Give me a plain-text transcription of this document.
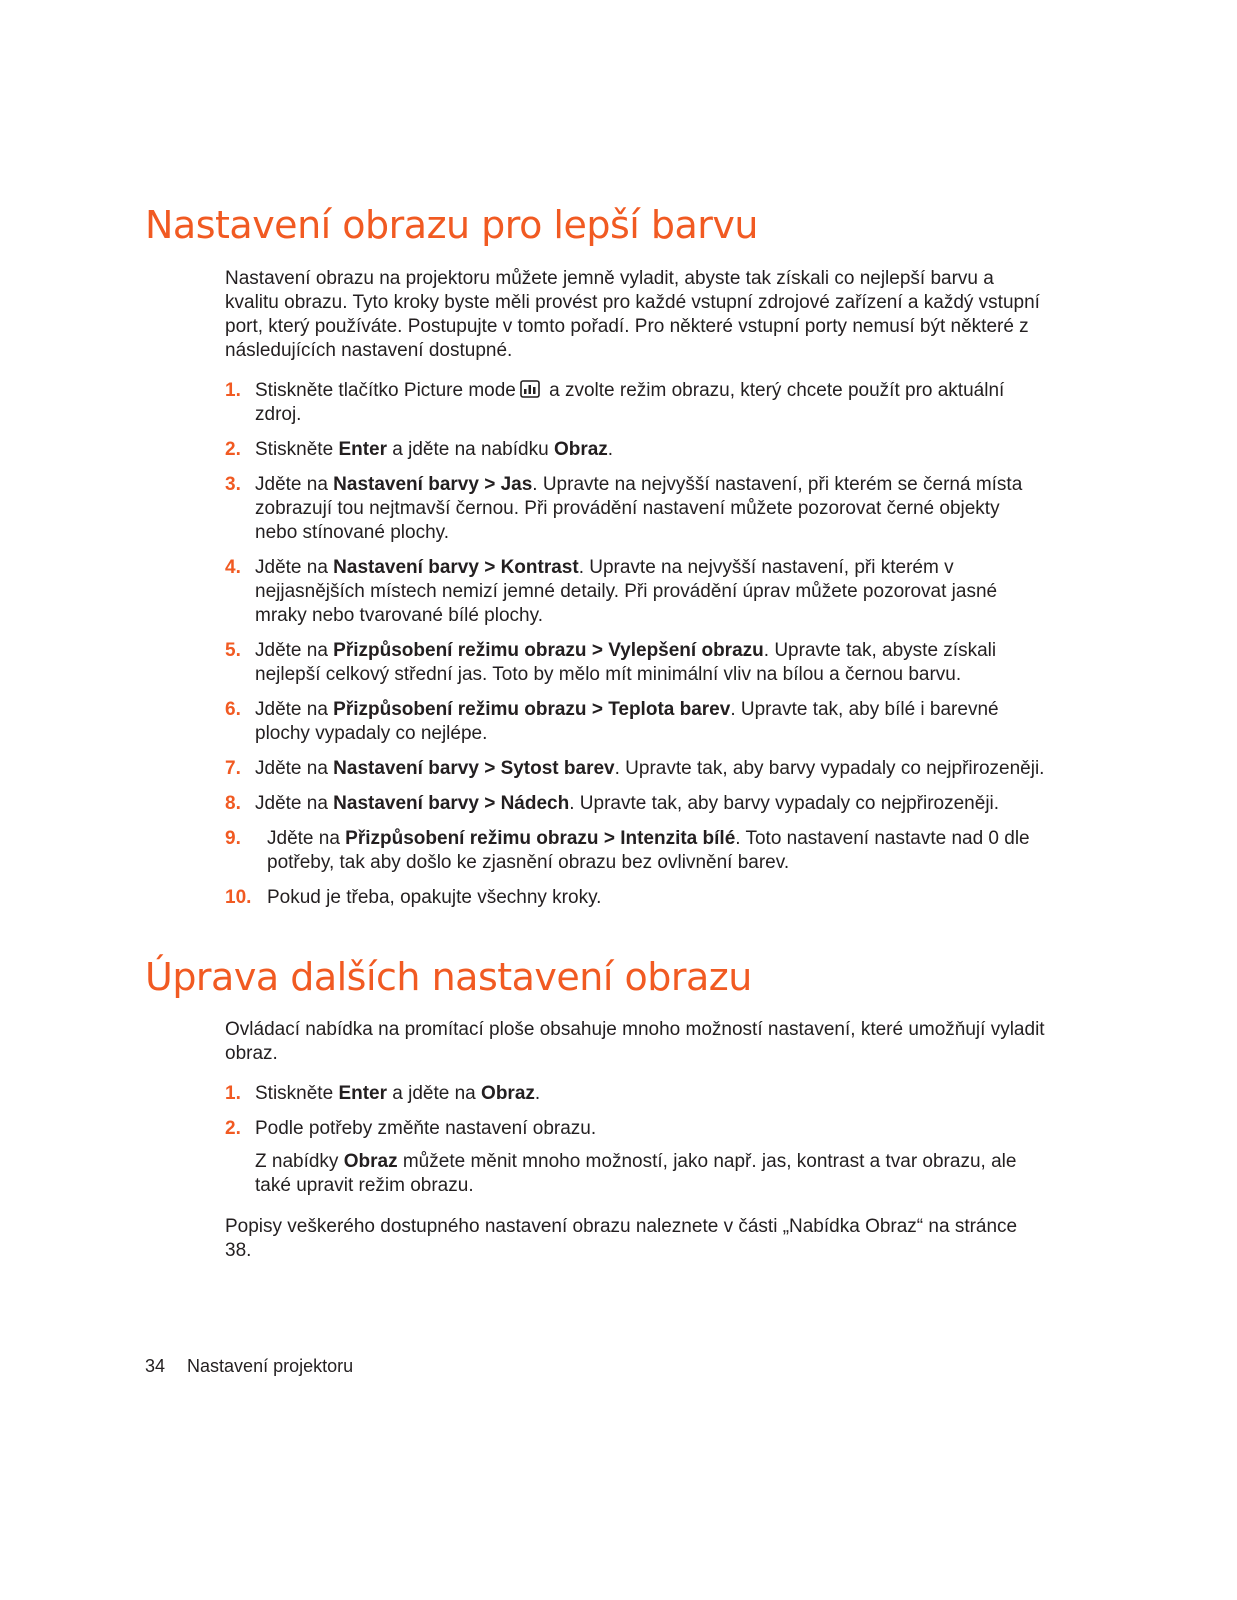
Nastavení obrazu pro lepší barvu

Nastavení obrazu na projektoru můžete jemně vyladit, abyste tak získali co nejlepší barvu a kvalitu obrazu. Tyto kroky byste měli provést pro každé vstupní zdrojové zařízení a každý vstupní port, který používáte. Postupujte v tomto pořadí. Pro některé vstupní porty nemusí být některé z následujících nastavení dostupné.

1. Stiskněte tlačítko Picture mode a zvolte režim obrazu, který chcete použít pro aktuální zdroj.
2. Stiskněte Enter a jděte na nabídku Obraz.
3. Jděte na Nastavení barvy > Jas. Upravte na nejvyšší nastavení, při kterém se černá místa zobrazují tou nejtmavší černou. Při provádění nastavení můžete pozorovat černé objekty nebo stínované plochy.
4. Jděte na Nastavení barvy > Kontrast. Upravte na nejvyšší nastavení, při kterém v nejjasnějších místech nemizí jemné detaily. Při provádění úprav můžete pozorovat jasné mraky nebo tvarované bílé plochy.
5. Jděte na Přizpůsobení režimu obrazu > Vylepšení obrazu. Upravte tak, abyste získali nejlepší celkový střední jas. Toto by mělo mít minimální vliv na bílou a černou barvu.
6. Jděte na Přizpůsobení režimu obrazu > Teplota barev. Upravte tak, aby bílé i barevné plochy vypadaly co nejlépe.
7. Jděte na Nastavení barvy > Sytost barev. Upravte tak, aby barvy vypadaly co nejpřirozeněji.
8. Jděte na Nastavení barvy > Nádech. Upravte tak, aby barvy vypadaly co nejpřirozeněji.
9. Jděte na Přizpůsobení režimu obrazu > Intenzita bílé. Toto nastavení nastavte nad 0 dle potřeby, tak aby došlo ke zjasnění obrazu bez ovlivnění barev.
10. Pokud je třeba, opakujte všechny kroky.
Úprava dalších nastavení obrazu

Ovládací nabídka na promítací ploše obsahuje mnoho možností nastavení, které umožňují vyladit obraz.

1. Stiskněte Enter a jděte na Obraz.
2. Podle potřeby změňte nastavení obrazu.

Z nabídky Obraz můžete měnit mnoho možností, jako např. jas, kontrast a tvar obrazu, ale také upravit režim obrazu.

Popisy veškerého dostupného nastavení obrazu naleznete v části „Nabídka Obraz“ na stránce 38.

34 Nastavení projektoru
